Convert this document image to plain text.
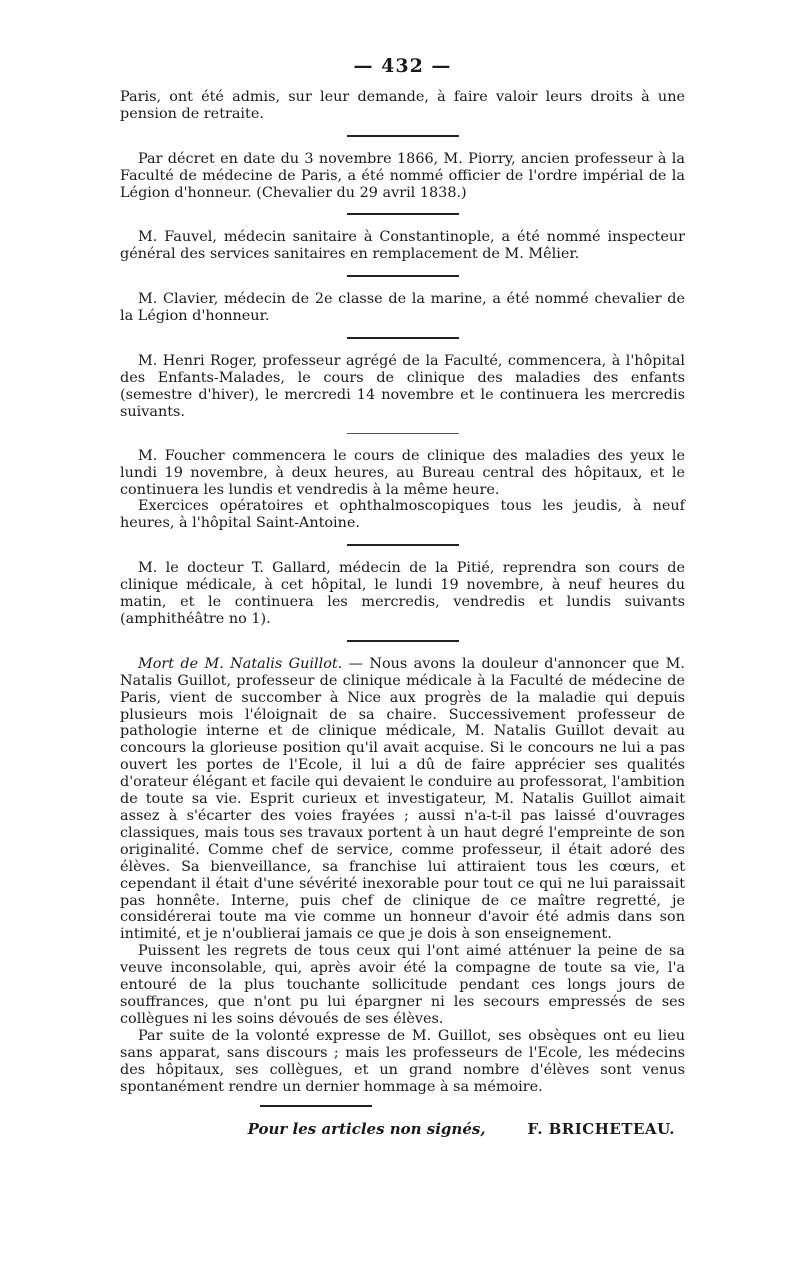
— 432 —

Paris, ont été admis, sur leur demande, à faire valoir leurs droits à une pension de retraite.

Par décret en date du 3 novembre 1866, M. Piorry, ancien professeur à la Faculté de médecine de Paris, a été nommé officier de l'ordre impérial de la Légion d'honneur. (Chevalier du 29 avril 1838.)

M. Fauvel, médecin sanitaire à Constantinople, a été nommé inspecteur général des services sanitaires en remplacement de M. Mêlier.

M. Clavier, médecin de 2e classe de la marine, a été nommé chevalier de la Légion d'honneur.

M. Henri Roger, professeur agrégé de la Faculté, commencera, à l'hôpital des Enfants-Malades, le cours de clinique des maladies des enfants (semestre d'hiver), le mercredi 14 novembre et le continuera les mercredis suivants.

M. Foucher commencera le cours de clinique des maladies des yeux le lundi 19 novembre, à deux heures, au Bureau central des hôpitaux, et le continuera les lundis et vendredis à la même heure.

Exercices opératoires et ophthalmoscopiques tous les jeudis, à neuf heures, à l'hôpital Saint-Antoine.

M. le docteur T. Gallard, médecin de la Pitié, reprendra son cours de clinique médicale, à cet hôpital, le lundi 19 novembre, à neuf heures du matin, et le continuera les mercredis, vendredis et lundis suivants (amphithéâtre no 1).

Mort de M. Natalis Guillot. — Nous avons la douleur d'annoncer que M. Natalis Guillot, professeur de clinique médicale à la Faculté de médecine de Paris, vient de succomber à Nice aux progrès de la maladie qui depuis plusieurs mois l'éloignait de sa chaire. Successivement professeur de pathologie interne et de clinique médicale, M. Natalis Guillot devait au concours la glorieuse position qu'il avait acquise. Si le concours ne lui a pas ouvert les portes de l'Ecole, il lui a dû de faire apprécier ses qualités d'orateur élégant et facile qui devaient le conduire au professorat, l'ambition de toute sa vie. Esprit curieux et investigateur, M. Natalis Guillot aimait assez à s'écarter des voies frayées ; aussi n'a-t-il pas laissé d'ouvrages classiques, mais tous ses travaux portent à un haut degré l'empreinte de son originalité. Comme chef de service, comme professeur, il était adoré des élèves. Sa bienveillance, sa franchise lui attiraient tous les cœurs, et cependant il était d'une sévérité inexorable pour tout ce qui ne lui paraissait pas honnête. Interne, puis chef de clinique de ce maître regretté, je considérerai toute ma vie comme un honneur d'avoir été admis dans son intimité, et je n'oublierai jamais ce que je dois à son enseignement.

Puissent les regrets de tous ceux qui l'ont aimé atténuer la peine de sa veuve inconsolable, qui, après avoir été la compagne de toute sa vie, l'a entouré de la plus touchante sollicitude pendant ces longs jours de souffrances, que n'ont pu lui épargner ni les secours empressés de ses collègues ni les soins dévoués de ses élèves.

Par suite de la volonté expresse de M. Guillot, ses obsèques ont eu lieu sans apparat, sans discours ; mais les professeurs de l'Ecole, les médecins des hôpitaux, ses collègues, et un grand nombre d'élèves sont venus spontanément rendre un dernier hommage à sa mémoire.

Pour les articles non signés,	F. BRICHETEAU.
